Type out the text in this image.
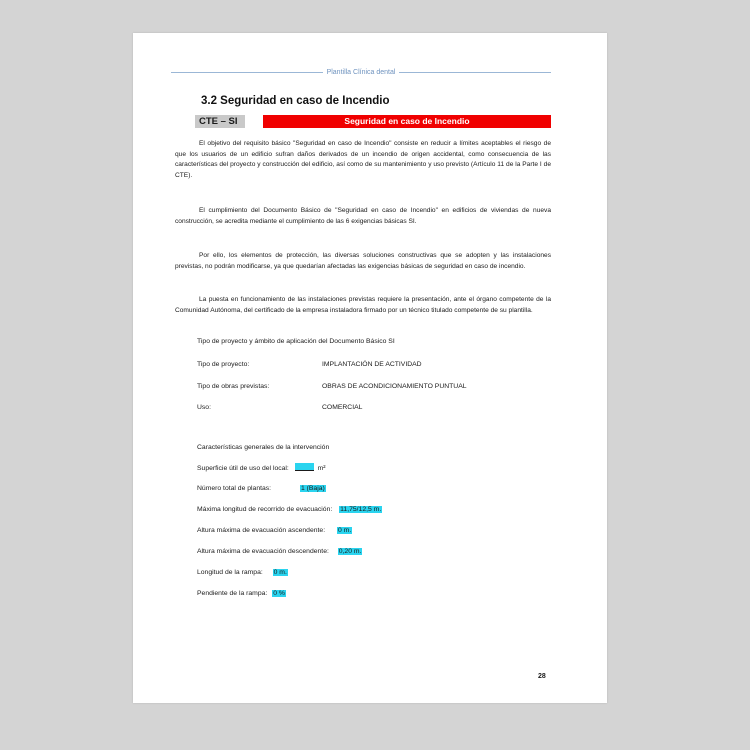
Plantilla Clínica dental
3.2 Seguridad en caso de Incendio
CTE – SI	Seguridad en caso de Incendio

El objetivo del requisito básico "Seguridad en caso de Incendio" consiste en reducir a límites aceptables el riesgo de que los usuarios de un edificio sufran daños derivados de un incendio de origen accidental, como consecuencia de las características del proyecto y construcción del edificio, así como de su mantenimiento y uso previsto (Artículo 11 de la Parte I de CTE).

El cumplimiento del Documento Básico de "Seguridad en caso de Incendio" en edificios de viviendas de nueva construcción, se acredita mediante el cumplimiento de las 6 exigencias básicas SI.

Por ello, los elementos de protección, las diversas soluciones constructivas que se adopten y las instalaciones previstas, no podrán modificarse, ya que quedarían afectadas las exigencias básicas de seguridad en caso de incendio.

La puesta en funcionamiento de las instalaciones previstas requiere la presentación, ante el órgano competente de la Comunidad Autónoma, del certificado de la empresa instaladora firmado por un técnico titulado competente de su plantilla.

Tipo de proyecto y ámbito de aplicación del Documento Básico SI
Tipo de proyecto:	IMPLANTACIÓN DE ACTIVIDAD
Tipo de obras previstas:	OBRAS DE ACONDICIONAMIENTO PUNTUAL
Uso:	COMERCIAL
Características generales de la intervención
Superficie útil de uso del local:	m²
Número total de plantas:	1 (Baja)
Máxima longitud de recorrido de evacuación: 11,75/12,5 m.
Altura máxima de evacuación ascendente: 0 m.
Altura máxima de evacuación descendente: 0,20 m.
Longitud de la rampa: 0 m.
Pendiente de la rampa: 0 %
28
